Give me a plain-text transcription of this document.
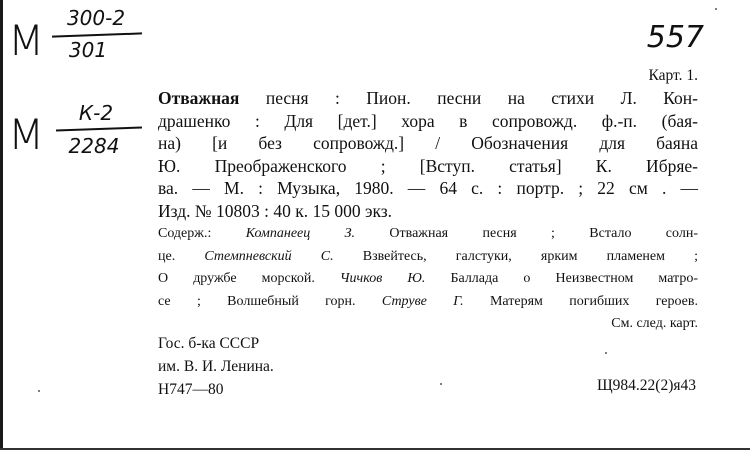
М	300-2
301
М	К-2
2284
557
Карт. 1.
Отважная песня : Пион. песни на стихи Л. Кон-
драшенко : Для [дет.] хора в сопровожд. ф.-п. (бая-
на) [и без сопровожд.] / Обозначения для баяна
Ю. Преображенского ; [Вступ. статья] К. Ибряе-
ва. — М. : Музыка, 1980. — 64 с. : портр. ; 22 см . —
Изд. № 10803 : 40 к. 15 000 экз.
Содерж.: Компанеец З. Отважная песня ; Встало солн-
це. Стемпневский С. Взвейтесь, галстуки, ярким пламенем ;
О дружбе морской. Чичков Ю. Баллада о Неизвестном матро-
се ; Волшебный горн. Струве Г. Матерям погибших героев.
См. след. карт.
Гос. б-ка СССР
им. В. И. Ленина.
Н747—80	Щ984.22(2)я43
